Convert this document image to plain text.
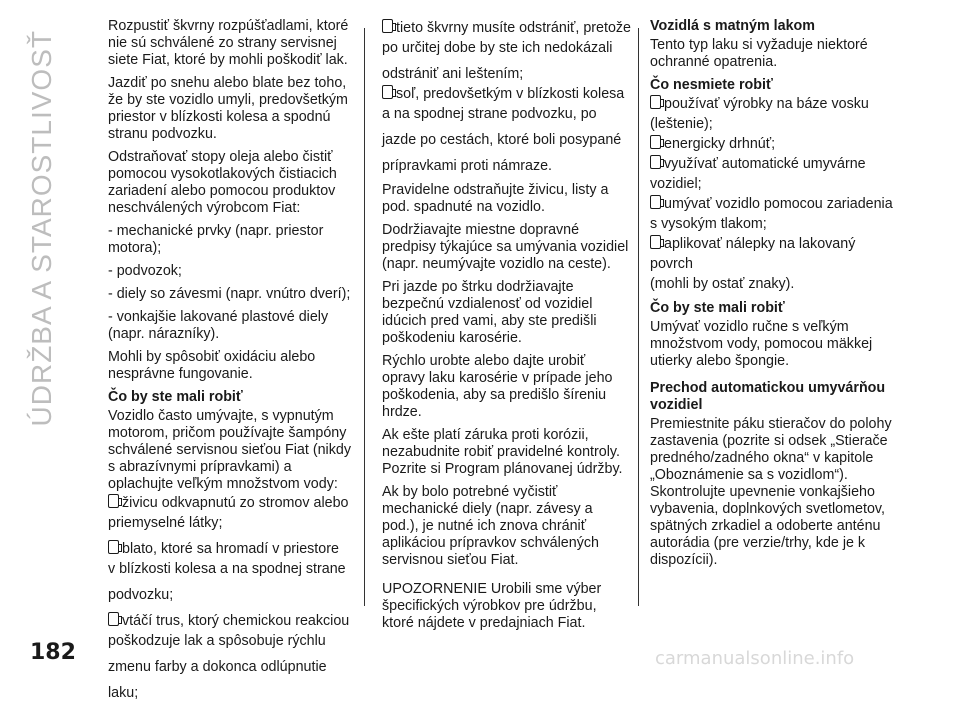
ÚDRŽBA A STAROSTLIVOSŤ
182

Rozpustiť škvrny rozpúšťadlami, ktoré nie sú schválené zo strany servisnej siete Fiat, ktoré by mohli poškodiť lak.

Jazdiť po snehu alebo blate bez toho, že by ste vozidlo umyli, predovšetkým priestor v blízkosti kolesa a spodnú stranu podvozku.

Odstraňovať stopy oleja alebo čistiť pomocou vysokotlakových čistiacich zariadení alebo pomocou produktov neschválených výrobcom Fiat:

- mechanické prvky (napr. priestor motora);

- podvozok;

- diely so závesmi (napr. vnútro dverí);

- vonkajšie lakované plastové diely (napr. nárazníky).

Mohli by spôsobiť oxidáciu alebo nesprávne fungovanie.

Čo by ste mali robiť

Vozidlo často umývajte, s vypnutým motorom, pričom používajte šampóny schválené servisnou sieťou Fiat (nikdy s abrazívnymi prípravkami) a oplachujte veľkým množstvom vody:

živicu odkvapnutú zo stromov alebo
priemyselné látky;
blato, ktoré sa hromadí v priestore
v blízkosti kolesa a na spodnej strane
podvozku;
vtáčí trus, ktorý chemickou reakciou
poškodzuje lak a spôsobuje rýchlu
zmenu farby a dokonca odlúpnutie
laku;
tieto škvrny musíte odstrániť, pretože
po určitej dobe by ste ich nedokázali
odstrániť ani leštením;
soľ, predovšetkým v blízkosti kolesa
a na spodnej strane podvozku, po
jazde po cestách, ktoré boli posypané
prípravkami proti námraze.

Pravidelne odstraňujte živicu, listy a pod. spadnuté na vozidlo.

Dodržiavajte miestne dopravné predpisy týkajúce sa umývania vozidiel (napr. neumývajte vozidlo na ceste).

Pri jazde po štrku dodržiavajte bezpečnú vzdialenosť od vozidiel idúcich pred vami, aby ste predišli poškodeniu karosérie.

Rýchlo urobte alebo dajte urobiť opravy laku karosérie v prípade jeho poškodenia, aby sa predišlo šíreniu hrdze.

Ak ešte platí záruka proti korózii, nezabudnite robiť pravidelné kontroly. Pozrite si Program plánovanej údržby.

Ak by bolo potrebné vyčistiť mechanické diely (napr. závesy a pod.), je nutné ich znova chrániť aplikáciou prípravkov schválených servisnou sieťou Fiat.

UPOZORNENIE Urobili sme výber špecifických výrobkov pre údržbu, ktoré nájdete v predajniach Fiat.

Vozidlá s matným lakom

Tento typ laku si vyžaduje niektoré ochranné opatrenia.

Čo nesmiete robiť

používať výrobky na báze vosku
(leštenie);
energicky drhnúť;
využívať automatické umyvárne
vozidiel;
umývať vozidlo pomocou zariadenia
s vysokým tlakom;
aplikovať nálepky na lakovaný povrch
(mohli by ostať znaky).

Čo by ste mali robiť

Umývať vozidlo ručne s veľkým množstvom vody, pomocou mäkkej utierky alebo špongie.

Prechod automatickou umyvárňou vozidiel

Premiestnite páku stieračov do polohy zastavenia (pozrite si odsek „Stierače predného/zadného okna“ v kapitole „Oboznámenie sa s vozidlom“). Skontrolujte upevnenie vonkajšieho vybavenia, doplnkových svetlometov, spätných zrkadiel a odoberte anténu autorádia (pre verzie/trhy, kde je k dispozícii).

carmanualsonline.info
